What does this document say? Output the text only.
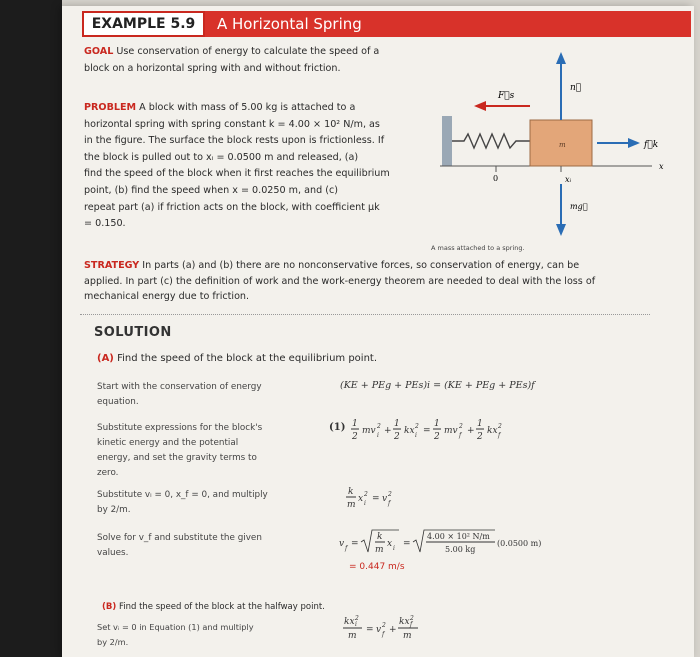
EXAMPLE 5.9	A Horizontal Spring
GOAL Use conservation of energy to calculate the speed of a
block on a horizontal spring with and without friction.
PROBLEM A block with mass of 5.00 kg is attached to a
horizontal spring with spring constant k = 4.00 × 10² N/m, as
in the figure. The surface the block rests upon is frictionless. If
the block is pulled out to xᵢ = 0.0500 m and released, (a)
find the speed of the block when it first reaches the equilibrium
point, (b) find the speed when x = 0.0250 m, and (c)
repeat part (a) if friction acts on the block, with coefficient μk
= 0.150.
m
n⃗
F⃗s
f⃗k
mg⃗
0	xᵢ
x
A mass attached to a spring.
STRATEGY In parts (a) and (b) there are no nonconservative forces, so conservation of energy, can be
applied. In part (c) the definition of work and the work-energy theorem are needed to deal with the loss of
mechanical energy due to friction.
SOLUTION
(A) Find the speed of the block at the equilibrium point.
Start with the conservation of energy
equation.
(KE + PEg + PEs)i = (KE + PEg + PEs)f
Substitute expressions for the block's
kinetic energy and the potential
energy, and set the gravity terms to
zero.
(1) 1
2
mv i
2 +
1
2
kx i
2 =
1
2
mv f
2 +
1
2
kx f
2
Substitute vᵢ = 0, x_f = 0, and multiply
by 2/m.
k
m
x i
2 = v f
2
Solve for v_f and substitute the given
values.
v f =
k
m
x i =
4.00 × 10² N/m
5.00 kg
(0.0500 m)
= 0.447 m/s
(B) Find the speed of the block at the halfway point.
Set vᵢ = 0 in Equation (1) and multiply
by 2/m.
kx 2
i
m
= v f
2 +
kx 2
f
m
